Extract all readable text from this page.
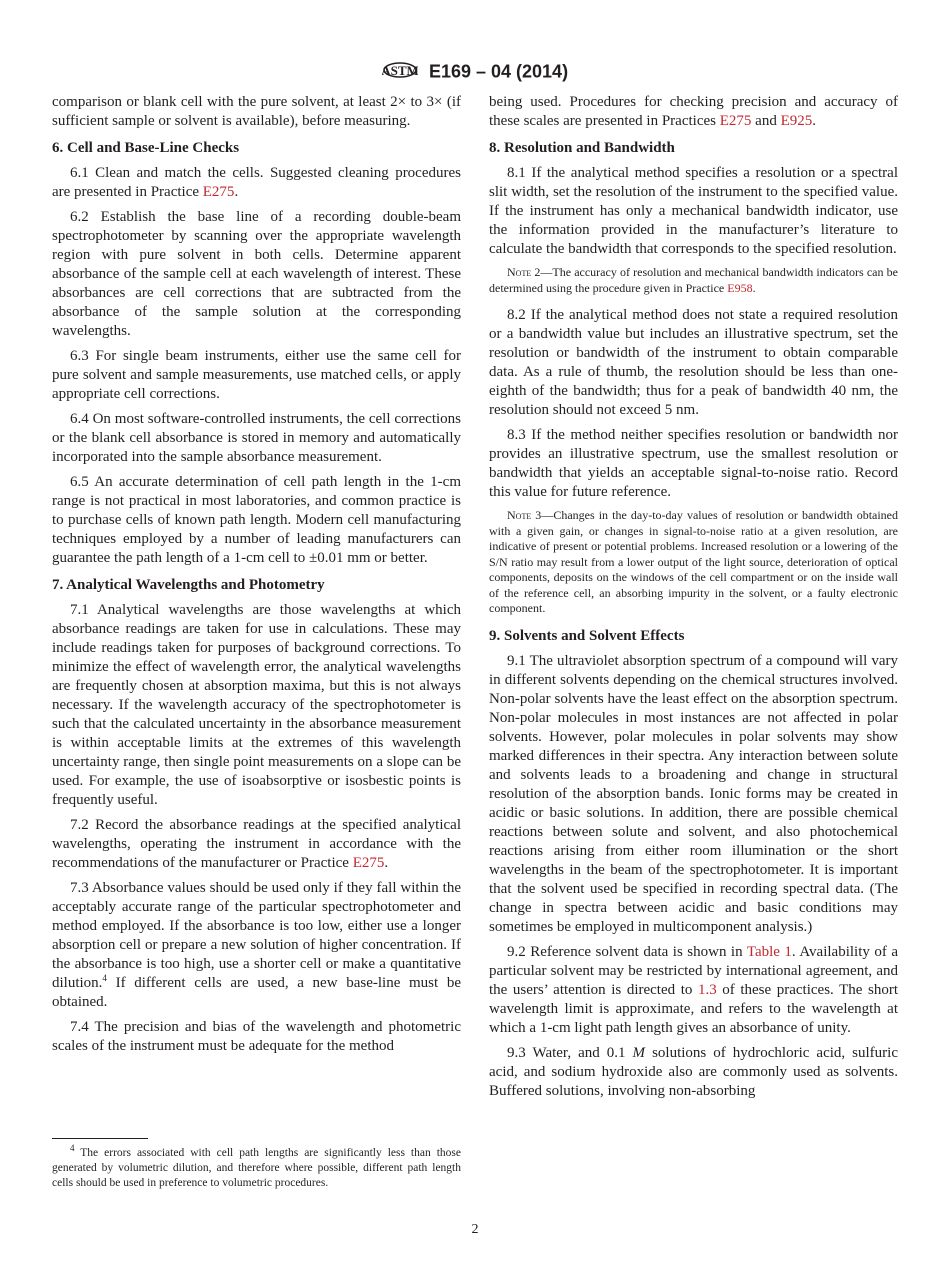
ASTM E169 – 04 (2014)

comparison or blank cell with the pure solvent, at least 2× to 3× (if sufficient sample or solvent is available), before measuring.

6. Cell and Base-Line Checks

6.1 Clean and match the cells. Suggested cleaning procedures are presented in Practice E275.

6.2 Establish the base line of a recording double-beam spectrophotometer by scanning over the appropriate wavelength region with pure solvent in both cells. Determine apparent absorbance of the sample cell at each wavelength of interest. These absorbances are cell corrections that are subtracted from the absorbance of the sample solution at the corresponding wavelengths.

6.3 For single beam instruments, either use the same cell for pure solvent and sample measurements, use matched cells, or apply appropriate cell corrections.

6.4 On most software-controlled instruments, the cell corrections or the blank cell absorbance is stored in memory and automatically incorporated into the sample absorbance measurement.

6.5 An accurate determination of cell path length in the 1-cm range is not practical in most laboratories, and common practice is to purchase cells of known path length. Modern cell manufacturing techniques employed by a number of leading manufacturers can guarantee the path length of a 1-cm cell to ±0.01 mm or better.

7. Analytical Wavelengths and Photometry

7.1 Analytical wavelengths are those wavelengths at which absorbance readings are taken for use in calculations. These may include readings taken for purposes of background corrections. To minimize the effect of wavelength error, the analytical wavelengths are frequently chosen at absorption maxima, but this is not always necessary. If the wavelength accuracy of the spectrophotometer is such that the calculated uncertainty in the absorbance measurement is within acceptable limits at the extremes of this wavelength uncertainty range, then single point measurements on a slope can be used. For example, the use of isoabsorptive or isosbestic points is frequently useful.

7.2 Record the absorbance readings at the specified analytical wavelengths, operating the instrument in accordance with the recommendations of the manufacturer or Practice E275.

7.3 Absorbance values should be used only if they fall within the acceptably accurate range of the particular spectrophotometer and method employed. If the absorbance is too low, either use a longer absorption cell or prepare a new solution of higher concentration. If the absorbance is too high, use a shorter cell or make a quantitative dilution.$^4$ If different cells are used, a new base-line must be obtained.

7.4 The precision and bias of the wavelength and photometric scales of the instrument must be adequate for the method

being used. Procedures for checking precision and accuracy of these scales are presented in Practices E275 and E925.

8. Resolution and Bandwidth

8.1 If the analytical method specifies a resolution or a spectral slit width, set the resolution of the instrument to the specified value. If the instrument has only a mechanical bandwidth indicator, use the information provided in the manufacturer’s literature to calculate the bandwidth that corresponds to the specified resolution.

Note 2—The accuracy of resolution and mechanical bandwidth indicators can be determined using the procedure given in Practice E958.

8.2 If the analytical method does not state a required resolution or a bandwidth value but includes an illustrative spectrum, set the resolution or bandwidth of the instrument to obtain comparable data. As a rule of thumb, the resolution should be less than one-eighth of the bandwidth; thus for a peak of bandwidth 40 nm, the resolution should not exceed 5 nm.

8.3 If the method neither specifies resolution or bandwidth nor provides an illustrative spectrum, use the smallest resolution or bandwidth that yields an acceptable signal-to-noise ratio. Record this value for future reference.

Note 3—Changes in the day-to-day values of resolution or bandwidth obtained with a given gain, or changes in signal-to-noise ratio at a given resolution, are indicative of present or potential problems. Increased resolution or a lowering of the S/N ratio may result from a lower output of the light source, deterioration of optical components, deposits on the windows of the cell compartment or on the inside wall of the reference cell, an absorbing impurity in the solvent, or a faulty electronic component.

9. Solvents and Solvent Effects

9.1 The ultraviolet absorption spectrum of a compound will vary in different solvents depending on the chemical structures involved. Non-polar solvents have the least effect on the absorption spectrum. Non-polar molecules in most instances are not affected in polar solvents. However, polar molecules in polar solvents may show marked differences in their spectra. Any interaction between solute and solvents leads to a broadening and change in structural resolution of the absorption bands. Ionic forms may be created in acidic or basic solutions. In addition, there are possible chemical reactions between solute and solvent, and also photochemical reactions arising from either room illumination or the short wavelengths in the beam of the spectrophotometer. It is important that the solvent used be specified in recording spectral data. (The change in spectra between acidic and basic conditions may sometimes be employed in multicomponent analysis.)

9.2 Reference solvent data is shown in Table 1. Availability of a particular solvent may be restricted by international agreement, and the users’ attention is directed to 1.3 of these practices. The short wavelength limit is approximate, and refers to the wavelength at which a 1-cm light path length gives an absorbance of unity.

9.3 Water, and 0.1 M solutions of hydrochloric acid, sulfuric acid, and sodium hydroxide also are commonly used as solvents. Buffered solutions, involving non-absorbing

$^4$ The errors associated with cell path lengths are significantly less than those generated by volumetric dilution, and therefore where possible, different path length cells should be used in preference to volumetric procedures.
2
